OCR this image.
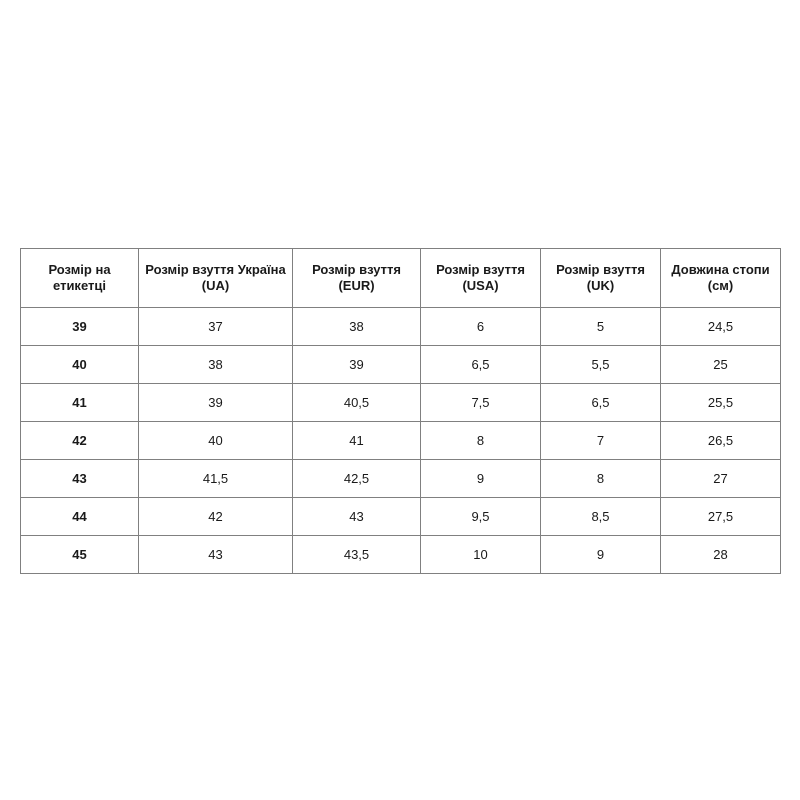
Розмір на етикетці	Розмір взуття Україна (UA)	Розмір взуття (EUR)	Розмір взуття (USA)	Розмір взуття (UK)	Довжина стопи (см)
39	37	38	6	5	24,5
40	38	39	6,5	5,5	25
41	39	40,5	7,5	6,5	25,5
42	40	41	8	7	26,5
43	41,5	42,5	9	8	27
44	42	43	9,5	8,5	27,5
45	43	43,5	10	9	28
